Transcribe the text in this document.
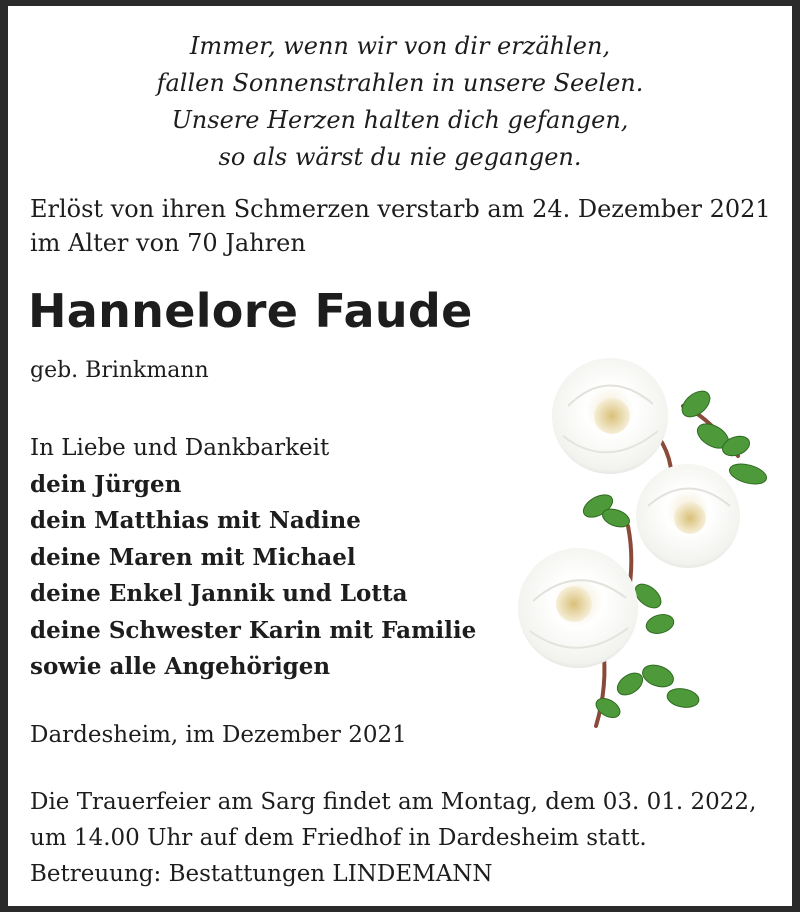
Immer, wenn wir von dir erzählen,
fallen Sonnenstrahlen in unsere Seelen.
Unsere Herzen halten dich gefangen,
so als wärst du nie gegangen.
Erlöst von ihren Schmerzen verstarb am 24. Dezember 2021
im Alter von 70 Jahren
Hannelore Faude
geb. Brinkmann
In Liebe und Dankbarkeit
dein Jürgen
dein Matthias mit Nadine
deine Maren mit Michael
deine Enkel Jannik und Lotta
deine Schwester Karin mit Familie
sowie alle Angehörigen
Dardesheim, im Dezember 2021
Die Trauerfeier am Sarg findet am Montag, dem 03. 01. 2022,
um 14.00 Uhr auf dem Friedhof in Dardesheim statt.
Betreuung: Bestattungen LINDEMANN
